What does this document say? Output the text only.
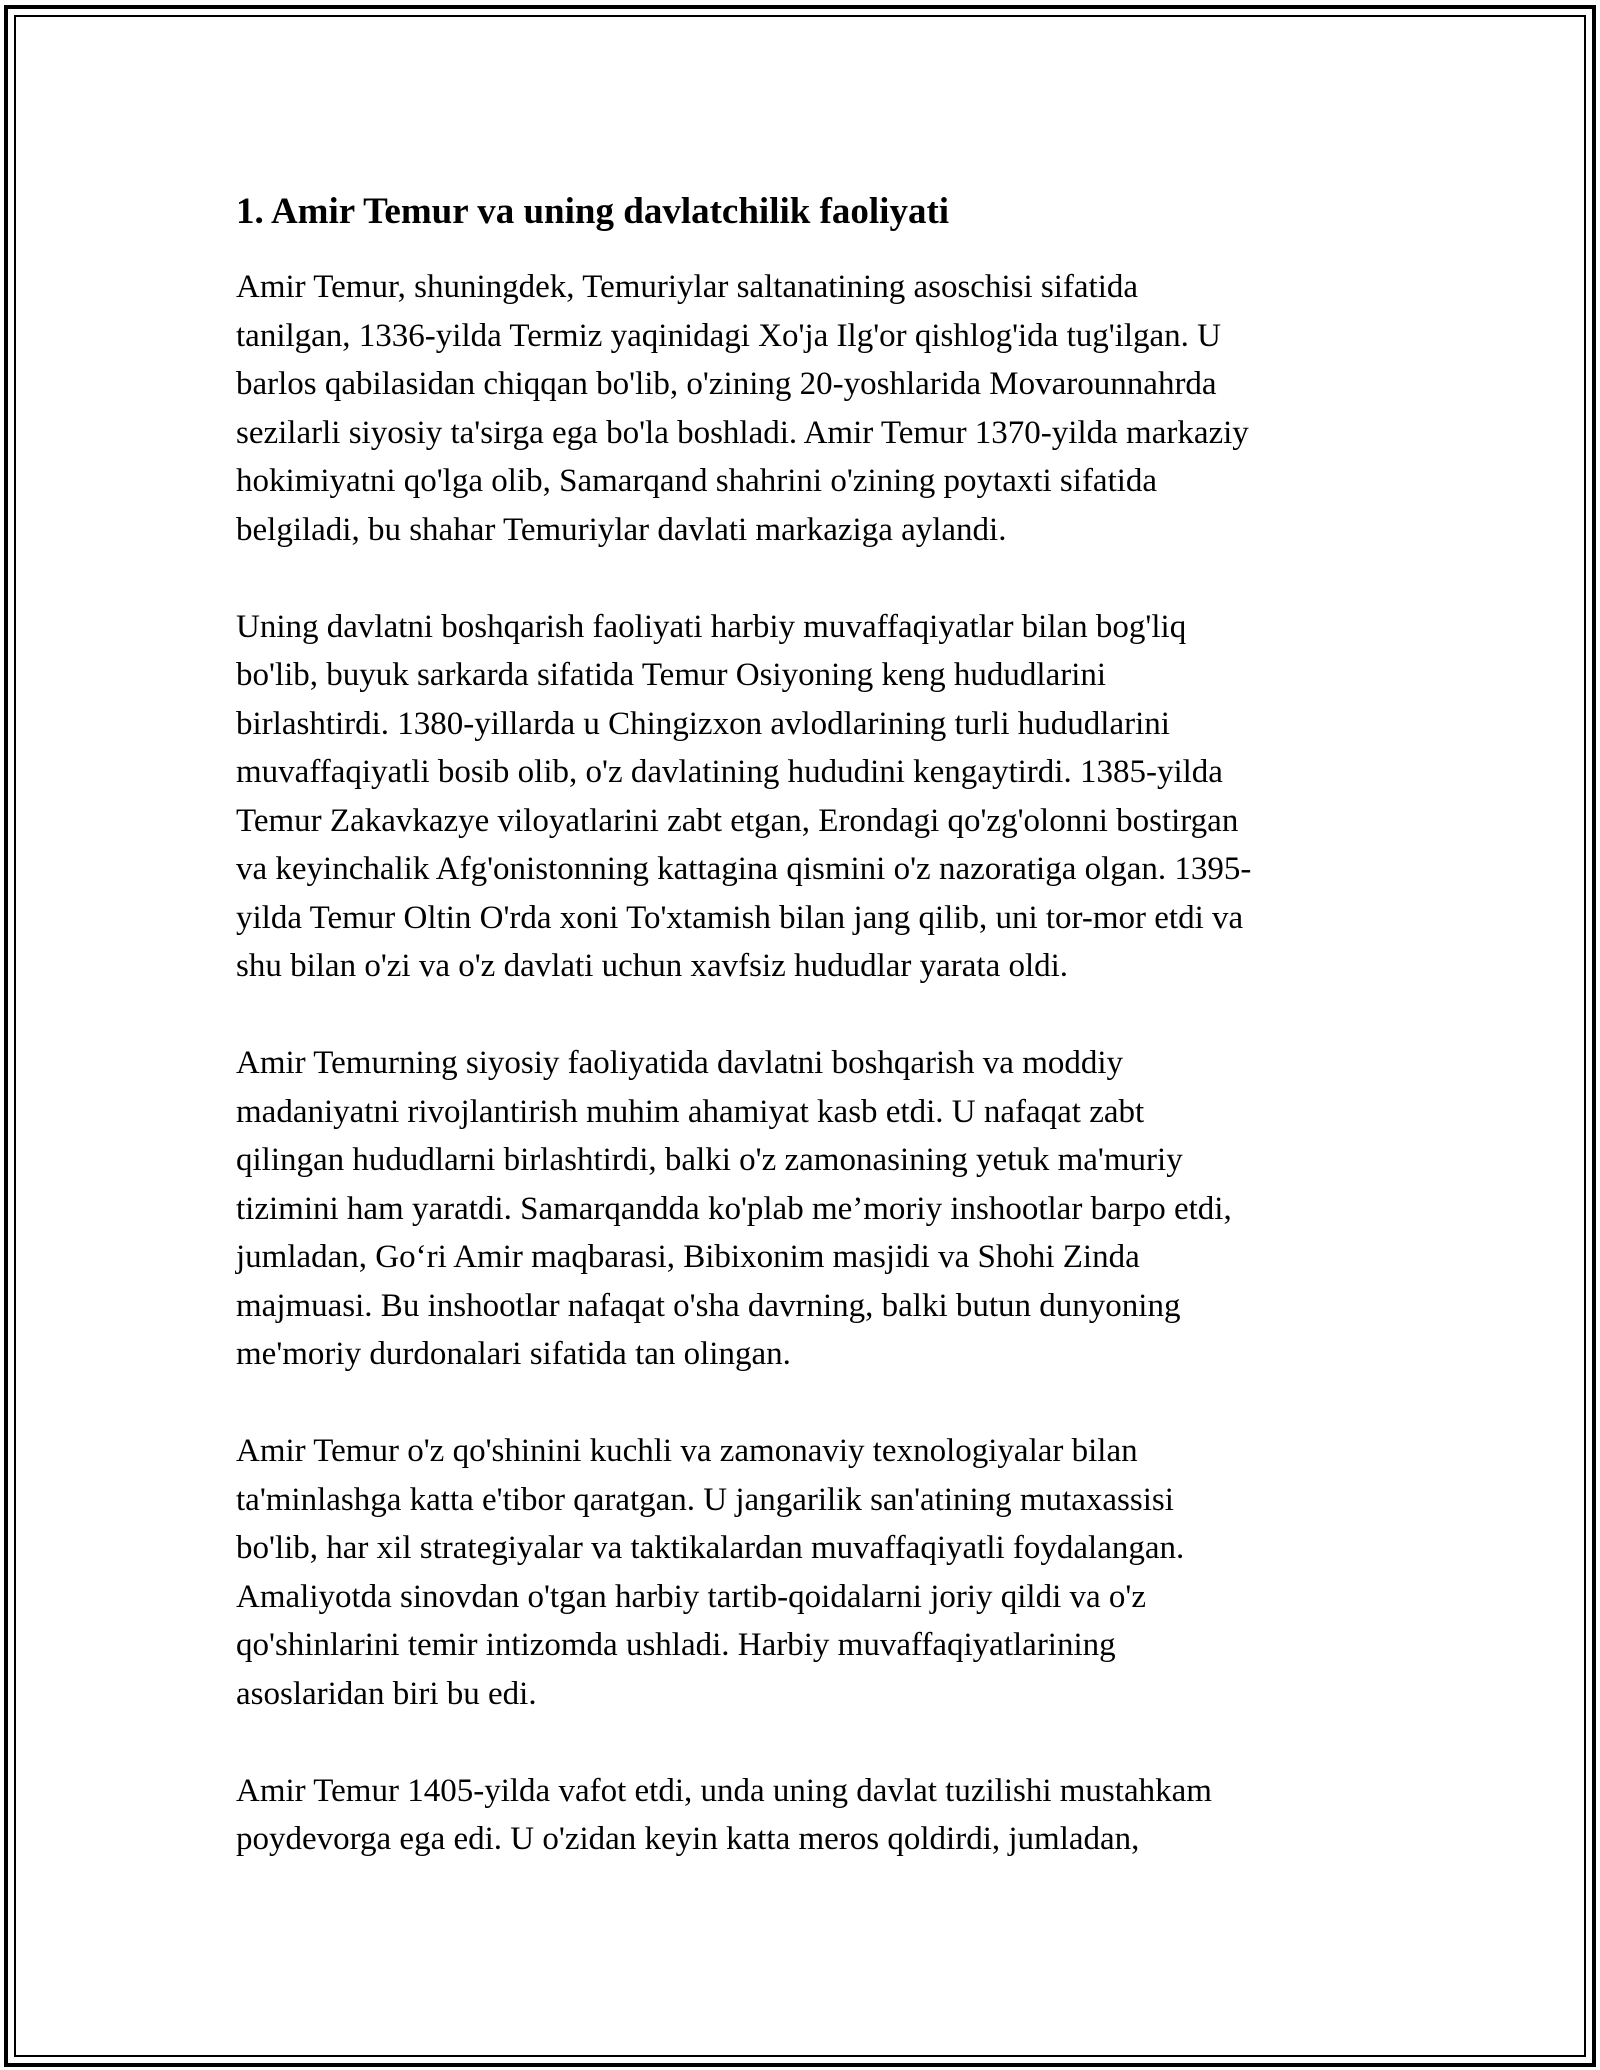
1. Amir Temur va uning davlatchilik faoliyati

Amir Temur, shuningdek, Temuriylar saltanatining asoschisi sifatida
tanilgan, 1336-yilda Termiz yaqinidagi Xo'ja Ilg'or qishlog'ida tug'ilgan. U
barlos qabilasidan chiqqan bo'lib, o'zining 20-yoshlarida Movarounnahrda
sezilarli siyosiy ta'sirga ega bo'la boshladi. Amir Temur 1370-yilda markaziy
hokimiyatni qo'lga olib, Samarqand shahrini o'zining poytaxti sifatida
belgiladi, bu shahar Temuriylar davlati markaziga aylandi.

Uning davlatni boshqarish faoliyati harbiy muvaffaqiyatlar bilan bog'liq
bo'lib, buyuk sarkarda sifatida Temur Osiyoning keng hududlarini
birlashtirdi. 1380-yillarda u Chingizxon avlodlarining turli hududlarini
muvaffaqiyatli bosib olib, o'z davlatining hududini kengaytirdi. 1385-yilda
Temur Zakavkazye viloyatlarini zabt etgan, Erondagi qo'zg'olonni bostirgan
va keyinchalik Afg'onistonning kattagina qismini o'z nazoratiga olgan. 1395-
yilda Temur Oltin O'rda xoni To'xtamish bilan jang qilib, uni tor-mor etdi va
shu bilan o'zi va o'z davlati uchun xavfsiz hududlar yarata oldi.

Amir Temurning siyosiy faoliyatida davlatni boshqarish va moddiy
madaniyatni rivojlantirish muhim ahamiyat kasb etdi. U nafaqat zabt
qilingan hududlarni birlashtirdi, balki o'z zamonasining yetuk ma'muriy
tizimini ham yaratdi. Samarqandda ko'plab me’moriy inshootlar barpo etdi,
jumladan, Go‘ri Amir maqbarasi, Bibixonim masjidi va Shohi Zinda
majmuasi. Bu inshootlar nafaqat o'sha davrning, balki butun dunyoning
me'moriy durdonalari sifatida tan olingan.

Amir Temur o'z qo'shinini kuchli va zamonaviy texnologiyalar bilan
ta'minlashga katta e'tibor qaratgan. U jangarilik san'atining mutaxassisi
bo'lib, har xil strategiyalar va taktikalardan muvaffaqiyatli foydalangan.
Amaliyotda sinovdan o'tgan harbiy tartib-qoidalarni joriy qildi va o'z
qo'shinlarini temir intizomda ushladi. Harbiy muvaffaqiyatlarining
asoslaridan biri bu edi.

Amir Temur 1405-yilda vafot etdi, unda uning davlat tuzilishi mustahkam
poydevorga ega edi. U o'zidan keyin katta meros qoldirdi, jumladan,
